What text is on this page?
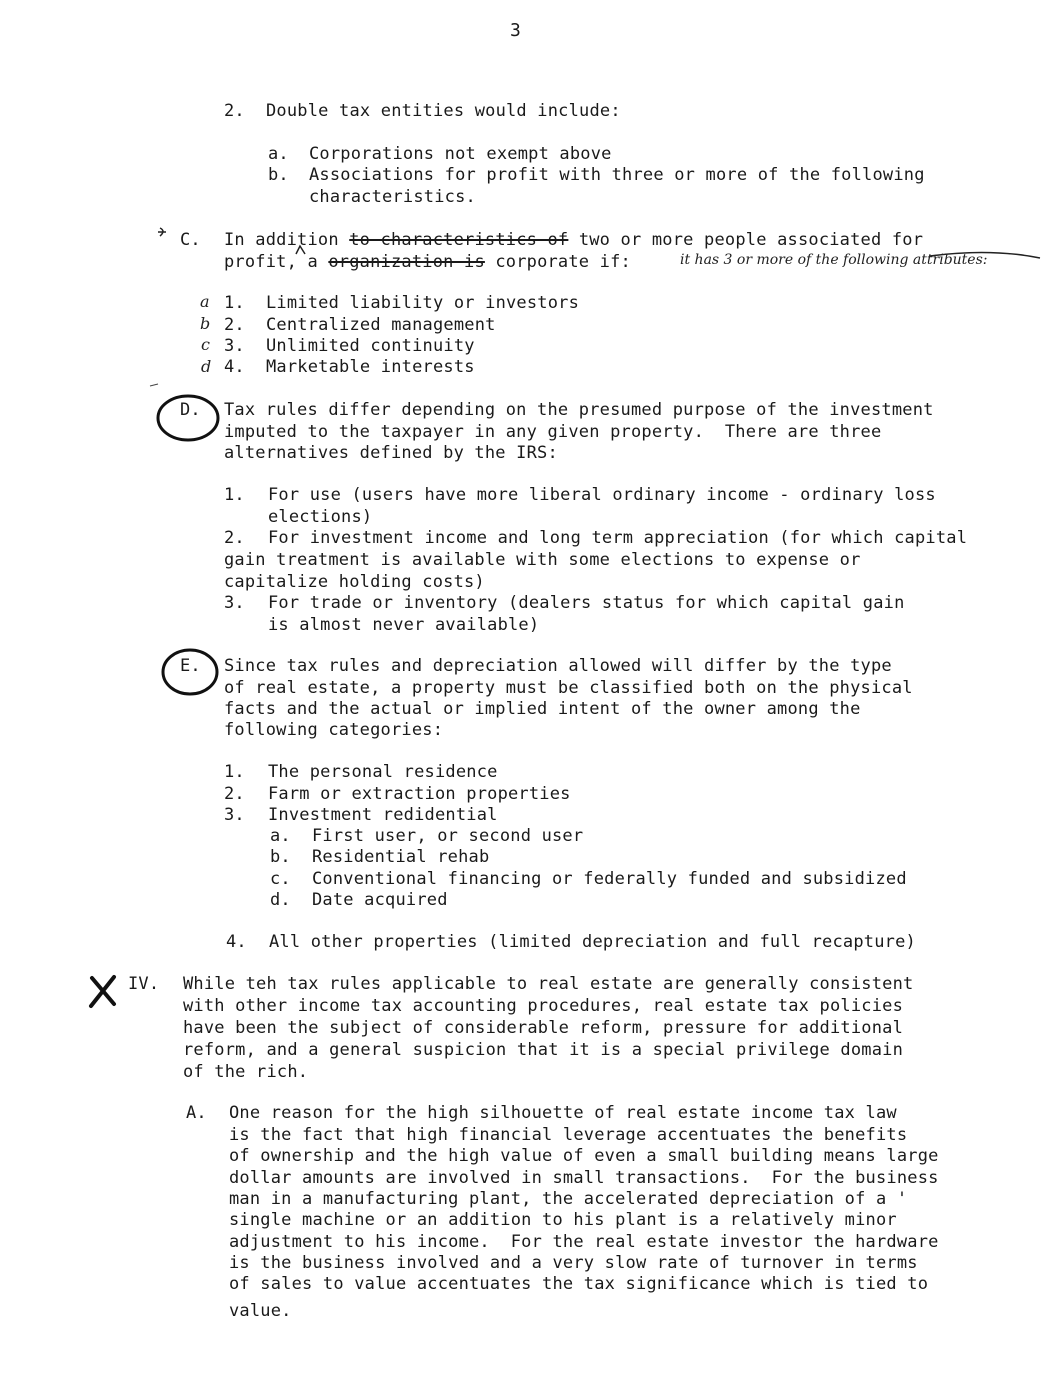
3
2. Double tax entities would include:
a. Corporations not exempt above
b. Associations for profit with three or more of the following
characteristics.
C. In addition to characteristics of two or more people associated for
profit, a organization is corporate if:	it has 3 or more of the following attributes:
a 1. Limited liability or investors
b 2. Centralized management
c 3. Unlimited continuity
d 4. Marketable interests
D. Tax rules differ depending on the presumed purpose of the investment
imputed to the taxpayer in any given property.  There are three
alternatives defined by the IRS:
1. For use (users have more liberal ordinary income - ordinary loss
elections)
2. For investment income and long term appreciation (for which capital
gain treatment is available with some elections to expense or
capitalize holding costs)
3. For trade or inventory (dealers status for which capital gain
is almost never available)
E. Since tax rules and depreciation allowed will differ by the type
of real estate, a property must be classified both on the physical
facts and the actual or implied intent of the owner among the
following categories:
1. The personal residence
2. Farm or extraction properties
3. Investment redidential
a. First user, or second user
b. Residential rehab
c. Conventional financing or federally funded and subsidized
d. Date acquired
4. All other properties (limited depreciation and full recapture)
IV. While teh tax rules applicable to real estate are generally consistent
with other income tax accounting procedures, real estate tax policies
have been the subject of considerable reform, pressure for additional
reform, and a general suspicion that it is a special privilege domain
of the rich.
A. One reason for the high silhouette of real estate income tax law
is the fact that high financial leverage accentuates the benefits
of ownership and the high value of even a small building means large
dollar amounts are involved in small transactions.  For the business
man in a manufacturing plant, the accelerated depreciation of a '
single machine or an addition to his plant is a relatively minor
adjustment to his income.  For the real estate investor the hardware
is the business involved and a very slow rate of turnover in terms
of sales to value accentuates the tax significance which is tied to
value.
X
